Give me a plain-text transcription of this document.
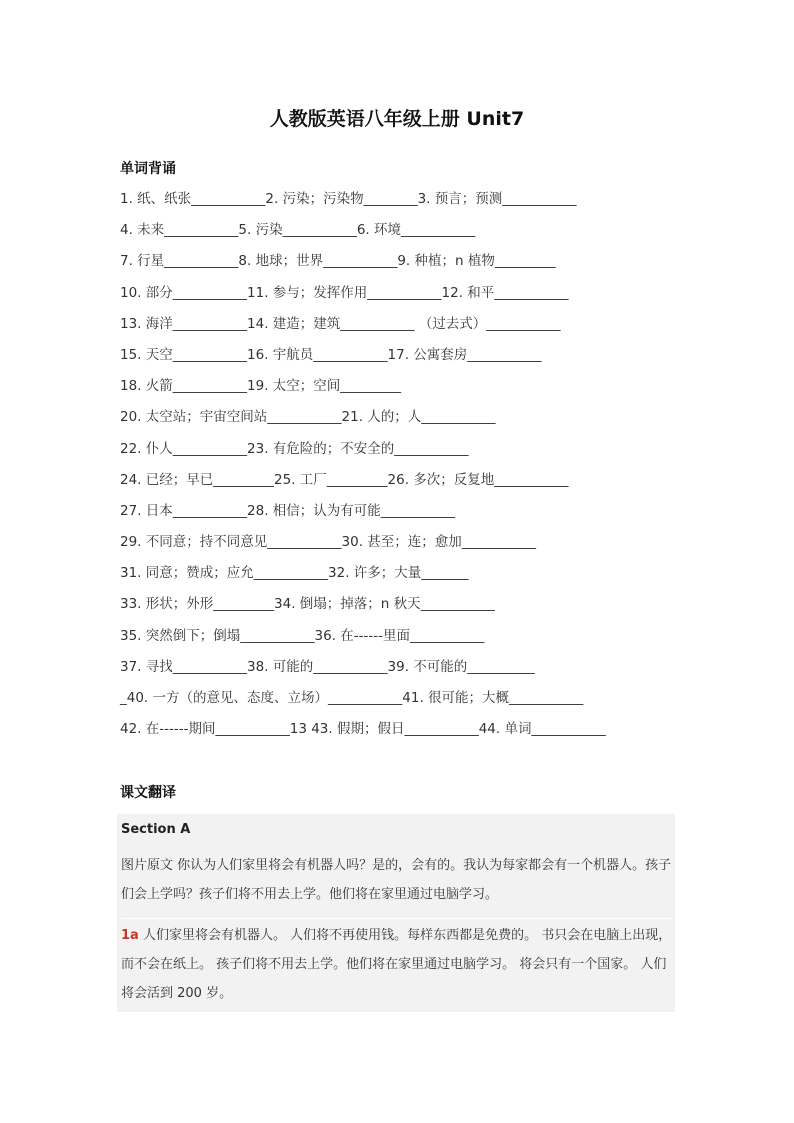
人教版英语八年级上册 Unit7
单词背诵
1. 纸、纸张___________2. 污染；污染物________3. 预言；预测___________
4. 未来___________5. 污染___________6. 环境___________
7. 行星___________8. 地球；世界___________9. 种植；n 植物_________
10. 部分___________11. 参与；发挥作用___________12. 和平___________
13. 海洋___________14. 建造；建筑___________ （过去式）___________
15. 天空___________16. 宇航员___________17. 公寓套房___________
18. 火箭___________19. 太空；空间_________
20. 太空站；宇宙空间站___________21. 人的；人___________
22. 仆人___________23. 有危险的；不安全的___________
24. 已经；早已_________25. 工厂_________26. 多次；反复地___________
27. 日本___________28. 相信；认为有可能___________
29. 不同意；持不同意见___________30. 甚至；连；愈加___________
31. 同意；赞成；应允___________32. 许多；大量_______
33. 形状；外形_________34. 倒塌；掉落；n 秋天___________
35. 突然倒下；倒塌___________36. 在------里面___________
37. 寻找___________38. 可能的___________39. 不可能的__________
_40. 一方（的意见、态度、立场）___________41. 很可能；大概___________
42. 在------期间___________13 43. 假期；假日___________44. 单词___________
课文翻译
Section A

图片原文 你认为人们家里将会有机器人吗？是的，会有的。我认为每家都会有一个机器人。孩子们会上学吗？孩子们将不用去上学。他们将在家里通过电脑学习。

1a 人们家里将会有机器人。 人们将不再使用钱。每样东西都是免费的。 书只会在电脑上出现，而不会在纸上。 孩子们将不用去上学。他们将在家里通过电脑学习。 将会只有一个国家。 人们将会活到 200 岁。
